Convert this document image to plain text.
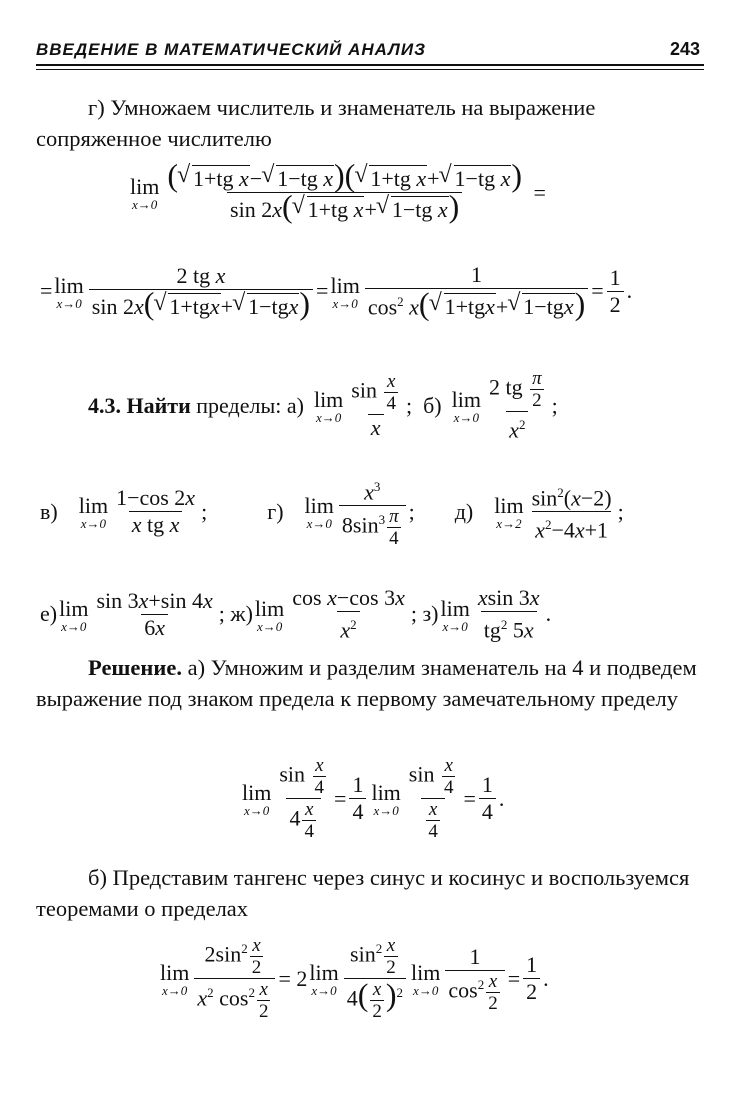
ВВЕДЕНИЕ В МАТЕМАТИЧЕСКИЙ АНАЛИЗ	243
г) Умножаем числитель и знаменатель на выражение сопряженное числителю
lim
$x\to 0 \frac{\text{( √ 1+tg x− √ 1−tg x)( √ 1+tg x+ √ 1−tg x)}}{\text{sin 2x( √ 1+tg x+ √ 1−tg x)}}$ =
= lim
$x\to 0 \frac{\text{2 tg x}}{\text{sin 2x( √ 1+tgx+ √ 1−tgx)}} = \lim$
$x\to 0 \frac{1}{\cos^2 x( √ 1+tgx+ √ 1-tgx)} = \frac{1}{2}$ .
4.3. Найти пределы: а) lim
$x\to 0 \frac{\sin \frac{x}{4}}{x}$ ; б) lim
$x\to 0 \frac{2 tg \frac{\pi}{2}}{x^2}$ ;
в)
lim
$x\to 0 \frac{1-\cos 2x}{\text{x tg x}}$ ;	г)
lim
$x\to 0 \frac{x^3}{8\sin^3 \frac{\pi}{4}}$ ; д)
lim
$x\to 2 \frac{\sin^2(x-2)}{x^2-4x+1}$ ;
е) lim
$x\to 0 \frac{\sin 3x+\sin 4x}{6x}$ ; ж) lim
$x\to 0 \frac{\text{cos x−cos 3x}}{x^2}$ ; з) lim
$x\to 0 \frac{xsin 3x}{tg^2 5x}$ .
Решение. а) Умножим и разделим знаменатель на 4 и подведем выражение под знаком предела к первому замечательному пределу
lim
$x\to 0 \frac{\sin \frac{x}{4}}{4 \frac{x}{4}} = \frac{1}{4}$ lim
$x\to 0 \frac{\sin \frac{x}{4}}{\frac{x}{4}} = \frac{1}{4}$ .
б) Представим тангенс через синус и косинус и воспользуемся теоремами о пределах
lim
$x\to 0 \frac{2\sin^2 \frac{x}{2}}{x^2 \cos^2 \frac{x}{2}} = 2$ lim
$x\to 0 \frac{\sin^2 \frac{x}{2}}{4( \frac{x}{2} )^2}$ lim
$x\to 0 \frac{1}{\cos^2 \frac{x}{2}} = \frac{1}{2}$ .
